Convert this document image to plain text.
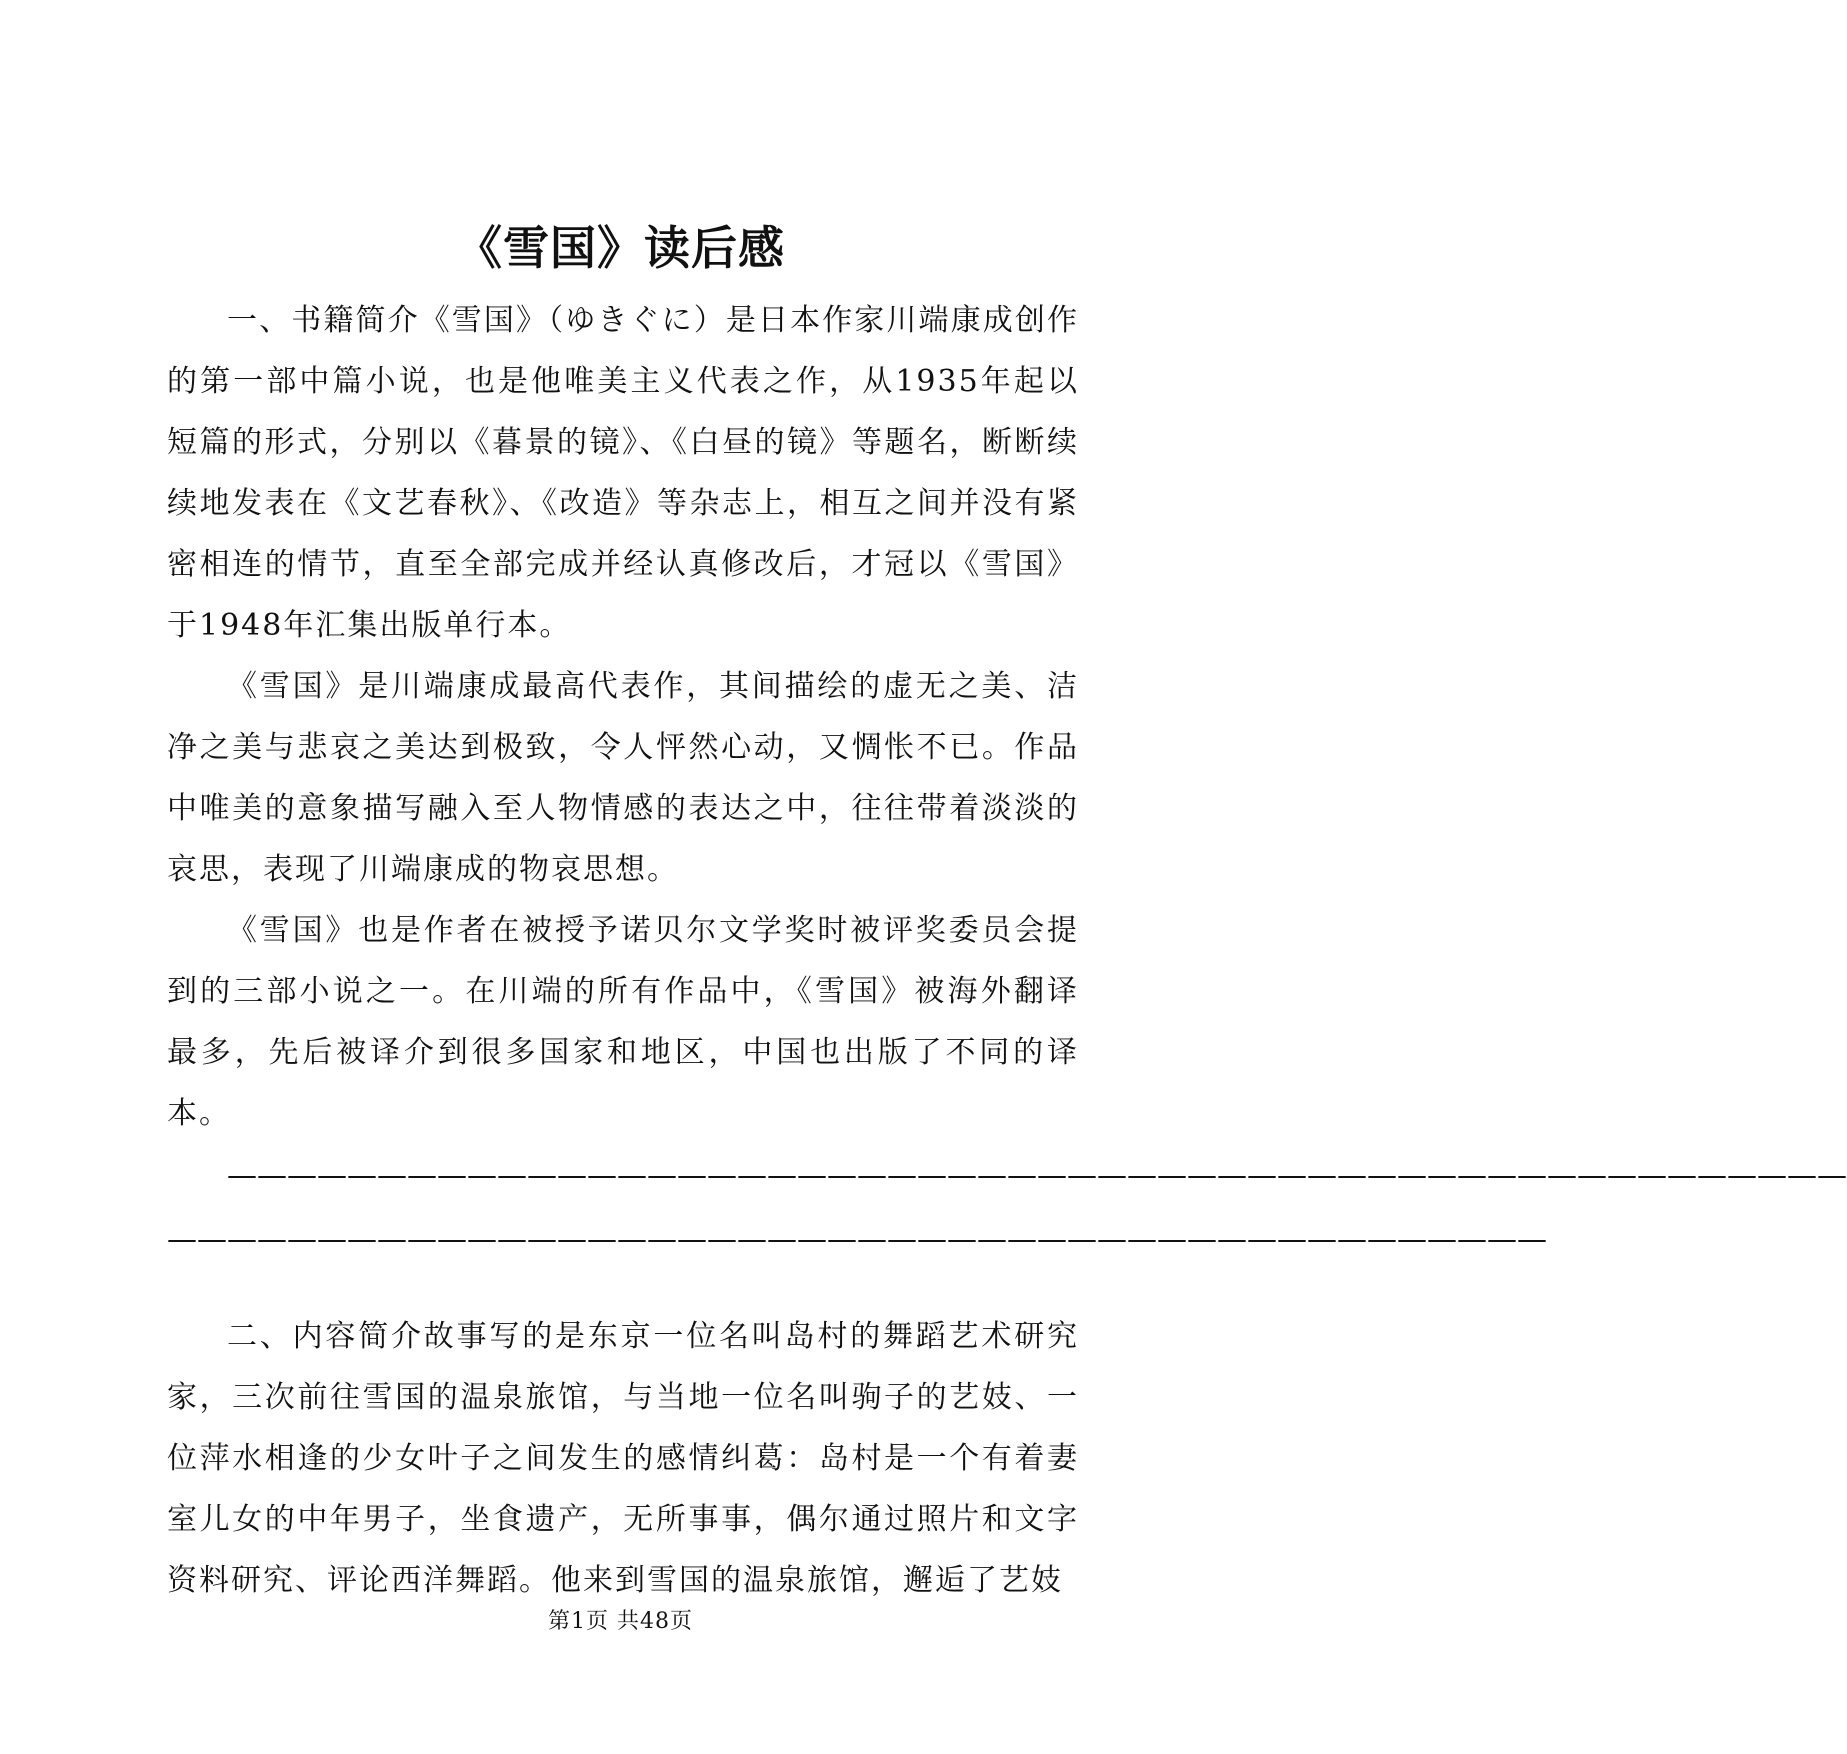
《雪国》读后感

一、书籍简介《雪国》（ゆきぐに）是日本作家川端康成创作的第一部中篇小说，也是他唯美主义代表之作，从1935年起以短篇的形式，分别以《暮景的镜》、《白昼的镜》等题名，断断续续地发表在《文艺春秋》、《改造》等杂志上，相互之间并没有紧密相连的情节，直至全部完成并经认真修改后，才冠以《雪国》于1948年汇集出版单行本。

《雪国》是川端康成最高代表作，其间描绘的虚无之美、洁净之美与悲哀之美达到极致，令人怦然心动，又惆怅不已。作品中唯美的意象描写融入至人物情感的表达之中，往往带着淡淡的哀思，表现了川端康成的物哀思想。

《雪国》也是作者在被授予诺贝尔文学奖时被评奖委员会提到的三部小说之一。在川端的所有作品中，《雪国》被海外翻译最多，先后被译介到很多国家和地区，中国也出版了不同的译本。

——————————————————————————————————————————————————————
——————————————————————————————————————————————

二、内容简介故事写的是东京一位名叫岛村的舞蹈艺术研究家，三次前往雪国的温泉旅馆，与当地一位名叫驹子的艺妓、一位萍水相逢的少女叶子之间发生的感情纠葛：岛村是一个有着妻室儿女的中年男子，坐食遗产，无所事事，偶尔通过照片和文字资料研究、评论西洋舞蹈。他来到雪国的温泉旅馆，邂逅了艺妓

第1页 共48页
